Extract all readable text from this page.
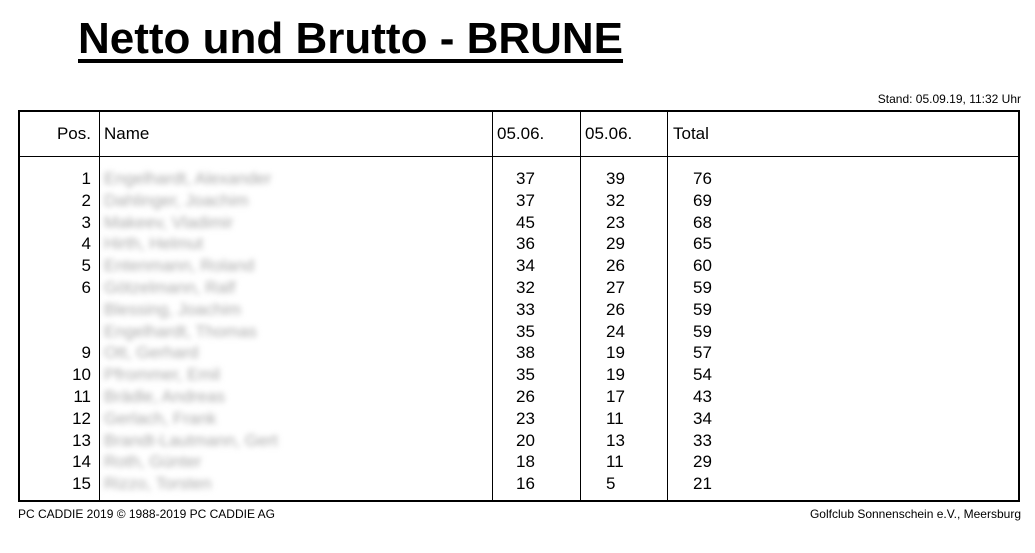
Netto und Brutto - BRUNE
Stand: 05.09.19, 11:32 Uhr
Pos. Name	05.06. 05.06. Total
1 Engelhardt, Alexander	37	39	76
2 Dahlinger, Joachim	37	32	69
3 Makeev, Vladimir	45	23	68
4 Hirth, Helmut	36	29	65
5 Entenmann, Roland	34	26	60
6 Götzelmann, Ralf	32	27	59
Blessing, Joachim	33	26	59
Engelhardt, Thomas	35	24	59
9 Ott, Gerhard	38	19	57
10 Pfrommer, Emil	35	19	54
11 Brädle, Andreas	26	17	43
12 Gerlach, Frank	23	11	34
13 Brandt-Lautmann, Gert	20	13	33
14 Roth, Günter	18	11	29
15 Rizzo, Torsten	16	5	21
PC CADDIE 2019 © 1988-2019 PC CADDIE AG	Golfclub Sonnenschein e.V., Meersburg
